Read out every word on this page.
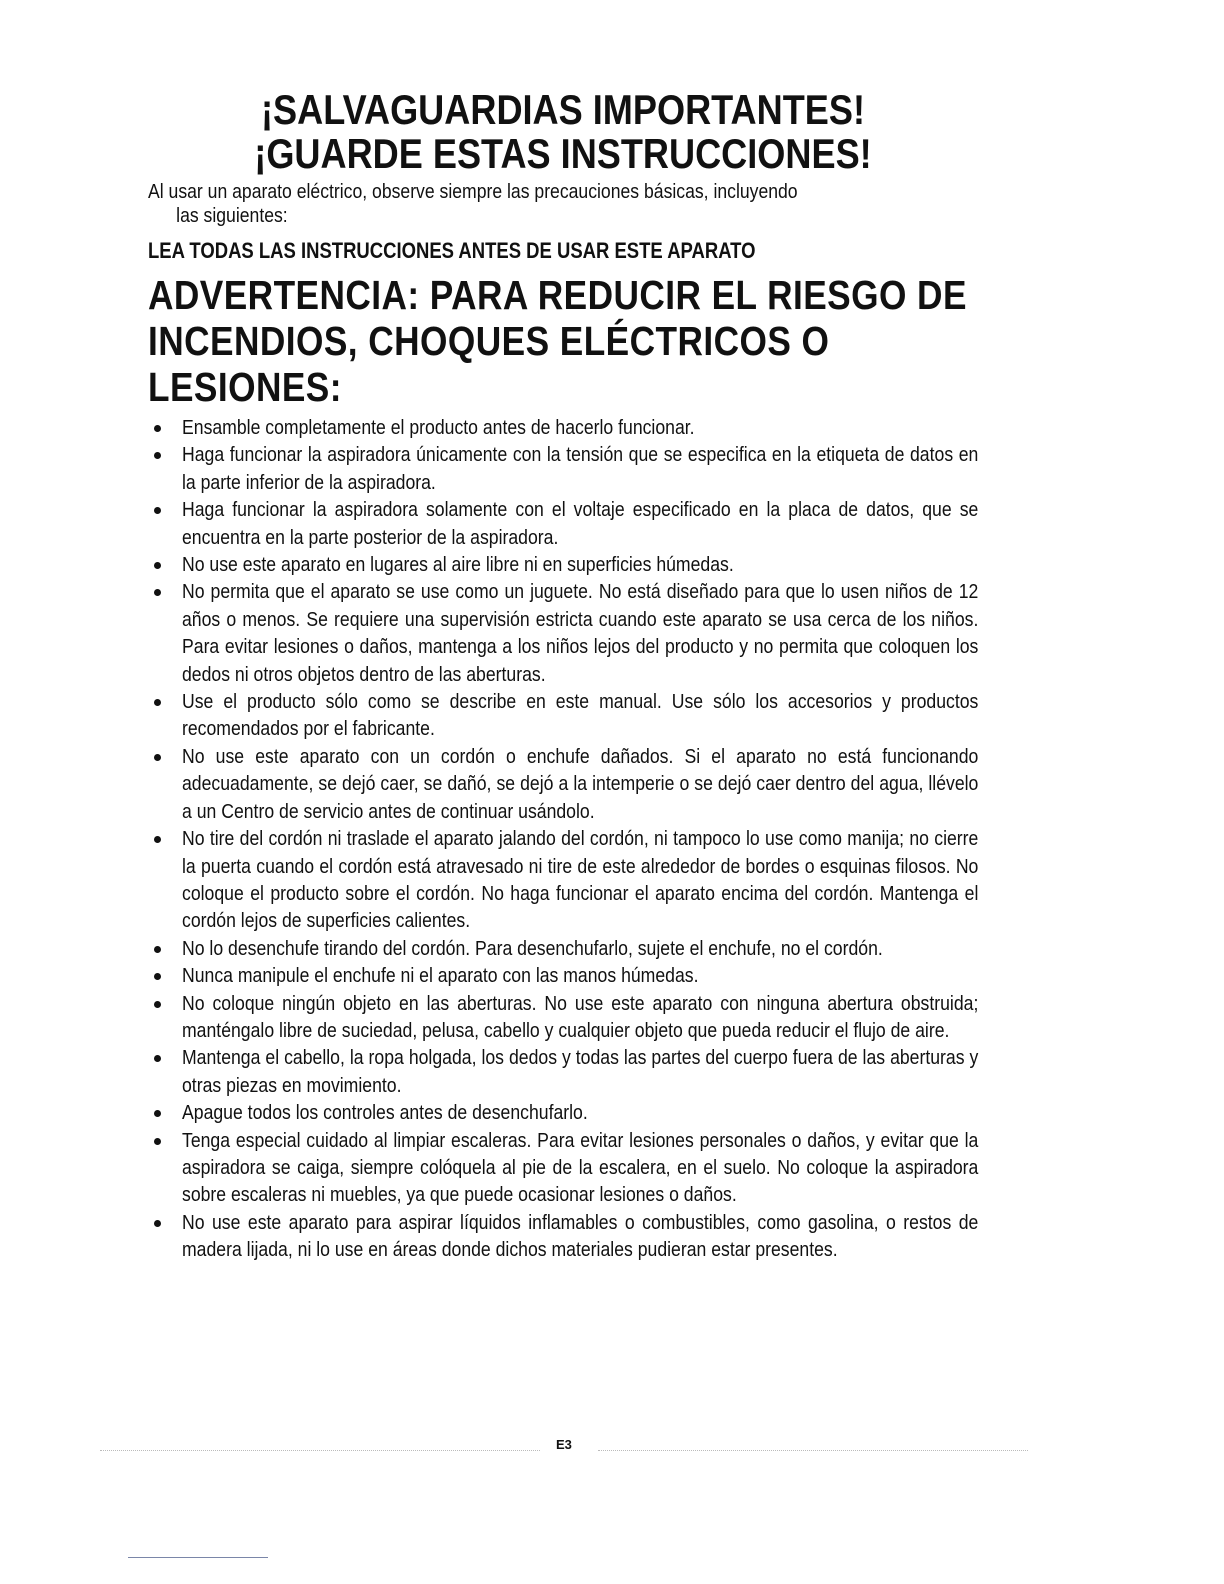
¡SALVAGUARDIAS IMPORTANTES!
¡GUARDE ESTAS INSTRUCCIONES!
Al usar un aparato eléctrico, observe siempre las precauciones básicas, incluyendo
las siguientes:
LEA TODAS LAS INSTRUCCIONES ANTES DE USAR ESTE APARATO
ADVERTENCIA: PARA REDUCIR EL RIESGO DE INCENDIOS, CHOQUES ELÉCTRICOS O LESIONES:
Ensamble completamente el producto antes de hacerlo funcionar.
Haga funcionar la aspiradora únicamente con la tensión que se especifica en la etiqueta de datos en la parte inferior de la aspiradora.
Haga funcionar la aspiradora solamente con el voltaje especificado en la placa de datos, que se encuentra en la parte posterior de la aspiradora.
No use este aparato en lugares al aire libre ni en superficies húmedas.
No permita que el aparato se use como un juguete. No está diseñado para que lo usen niños de 12 años o menos. Se requiere una supervisión estricta cuando este aparato se usa cerca de los niños. Para evitar lesiones o daños, mantenga a los niños lejos del producto y no permita que coloquen los dedos ni otros objetos dentro de las aberturas.
Use el producto sólo como se describe en este manual. Use sólo los accesorios y productos recomendados por el fabricante.
No use este aparato con un cordón o enchufe dañados. Si el aparato no está funcionando adecuadamente, se dejó caer, se dañó, se dejó a la intemperie o se dejó caer dentro del agua, llévelo a un Centro de servicio antes de continuar usándolo.
No tire del cordón ni traslade el aparato jalando del cordón, ni tampoco lo use como manija; no cierre la puerta cuando el cordón está atravesado ni tire de este alrededor de bordes o esquinas filosos. No coloque el producto sobre el cordón. No haga funcionar el aparato encima del cordón. Mantenga el cordón lejos de superficies calientes.
No lo desenchufe tirando del cordón. Para desenchufarlo, sujete el enchufe, no el cordón.
Nunca manipule el enchufe ni el aparato con las manos húmedas.
No coloque ningún objeto en las aberturas. No use este aparato con ninguna abertura obstruida; manténgalo libre de suciedad, pelusa, cabello y cualquier objeto que pueda reducir el flujo de aire.
Mantenga el cabello, la ropa holgada, los dedos y todas las partes del cuerpo fuera de las aberturas y otras piezas en movimiento.
Apague todos los controles antes de desenchufarlo.
Tenga especial cuidado al limpiar escaleras. Para evitar lesiones personales o daños, y evitar que la aspiradora se caiga, siempre colóquela al pie de la escalera, en el suelo. No coloque la aspiradora sobre escaleras ni muebles, ya que puede ocasionar lesiones o daños.
No use este aparato para aspirar líquidos inflamables o combustibles, como gasolina, o restos de madera lijada, ni lo use en áreas donde dichos materiales pudieran estar presentes.
E3
